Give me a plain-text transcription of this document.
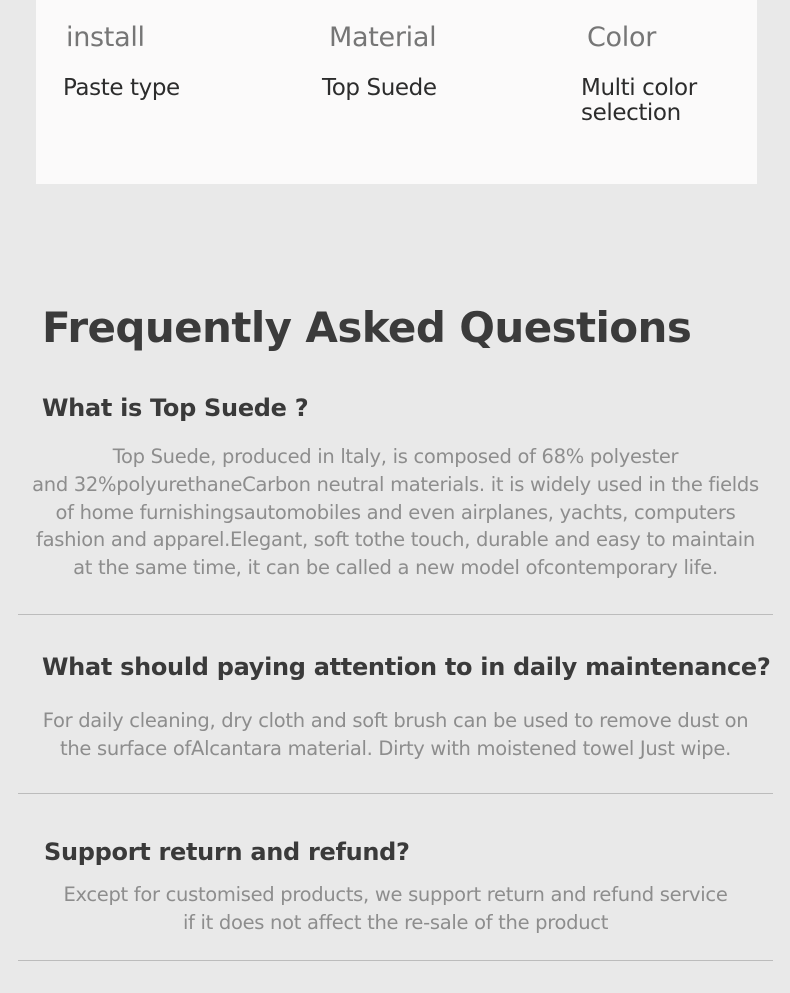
install
Paste type
Material
Top Suede
Color
Multi color selection
Frequently Asked Questions
What is Top Suede ?

Top Suede, produced in ltaly, is composed of 68% polyester
and 32%polyurethaneCarbon neutral materials. it is widely used in the fields
of home furnishingsautomobiles and even airplanes, yachts, computers
fashion and apparel.Elegant, soft tothe touch, durable and easy to maintain
at the same time, it can be called a new model ofcontemporary life.

What should paying attention to in daily maintenance?

For daily cleaning, dry cloth and soft brush can be used to remove dust on
the surface ofAlcantara material. Dirty with moistened towel Just wipe.

Support return and refund?

Except for customised products, we support return and refund service
if it does not affect the re-sale of the product
